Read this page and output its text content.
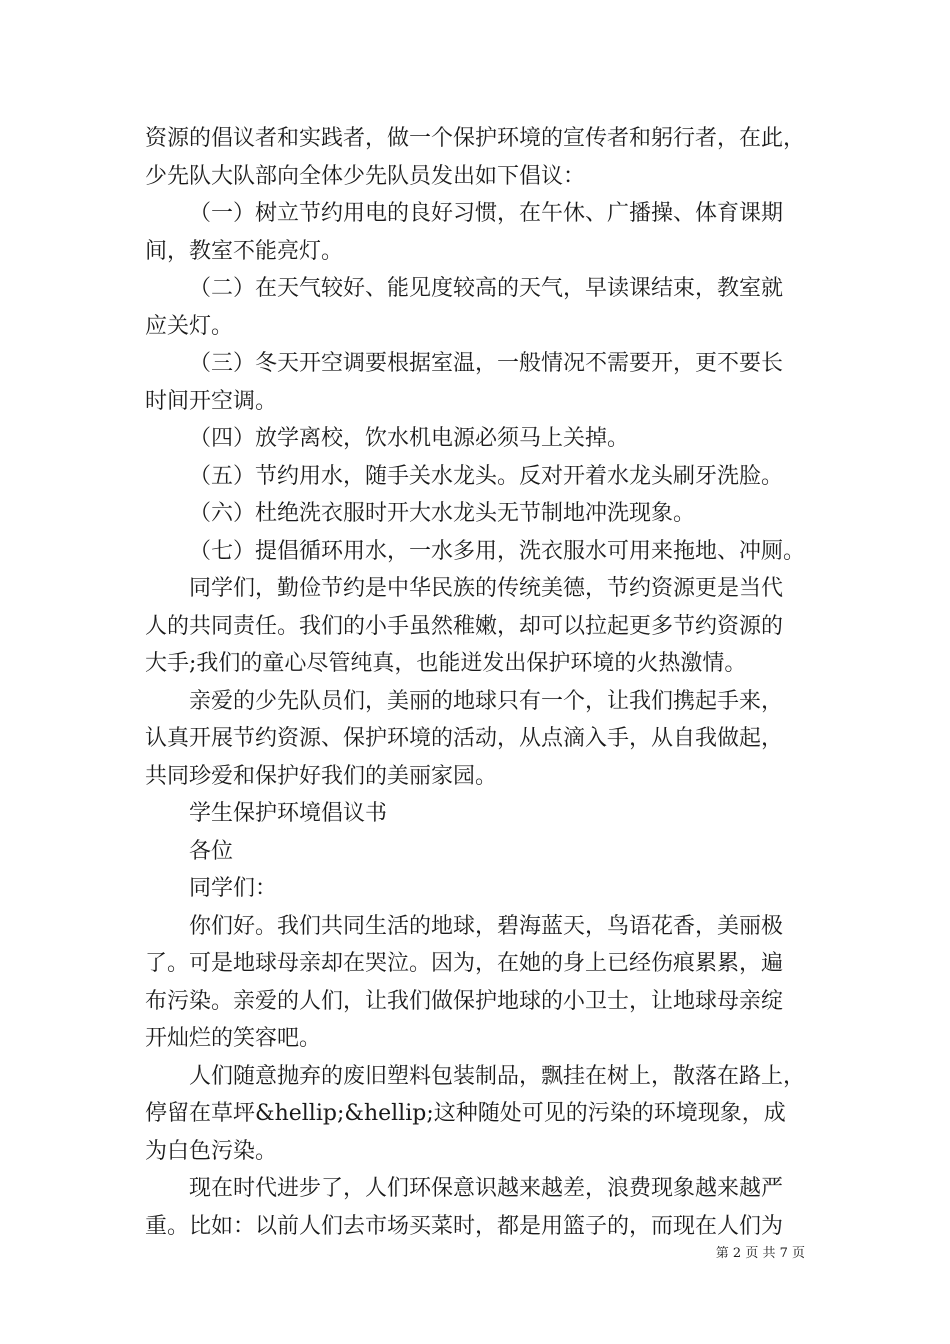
资源的倡议者和实践者，做一个保护环境的宣传者和躬行者，在此，
少先队大队部向全体少先队员发出如下倡议：
（一）树立节约用电的良好习惯，在午休、广播操、体育课期
间，教室不能亮灯。
（二）在天气较好、能见度较高的天气，早读课结束，教室就
应关灯。
（三）冬天开空调要根据室温，一般情况不需要开，更不要长
时间开空调。
（四）放学离校，饮水机电源必须马上关掉。
（五）节约用水，随手关水龙头。反对开着水龙头刷牙洗脸。
（六）杜绝洗衣服时开大水龙头无节制地冲洗现象。
（七）提倡循环用水，一水多用，洗衣服水可用来拖地、冲厕。
同学们，勤俭节约是中华民族的传统美德，节约资源更是当代
人的共同责任。我们的小手虽然稚嫩，却可以拉起更多节约资源的
大手;我们的童心尽管纯真，也能迸发出保护环境的火热激情。
亲爱的少先队员们，美丽的地球只有一个，让我们携起手来，
认真开展节约资源、保护环境的活动，从点滴入手，从自我做起，
共同珍爱和保护好我们的美丽家园。
学生保护环境倡议书
各位
同学们：
你们好。我们共同生活的地球，碧海蓝天，鸟语花香，美丽极
了。可是地球母亲却在哭泣。因为，在她的身上已经伤痕累累，遍
布污染。亲爱的人们，让我们做保护地球的小卫士，让地球母亲绽
开灿烂的笑容吧。
人们随意抛弃的废旧塑料包装制品，飘挂在树上，散落在路上，
停留在草坪&hellip;&hellip;这种随处可见的污染的环境现象，成
为白色污染。
现在时代进步了，人们环保意识越来越差，浪费现象越来越严
重。比如：以前人们去市场买菜时，都是用篮子的，而现在人们为
第 2 页 共 7 页
